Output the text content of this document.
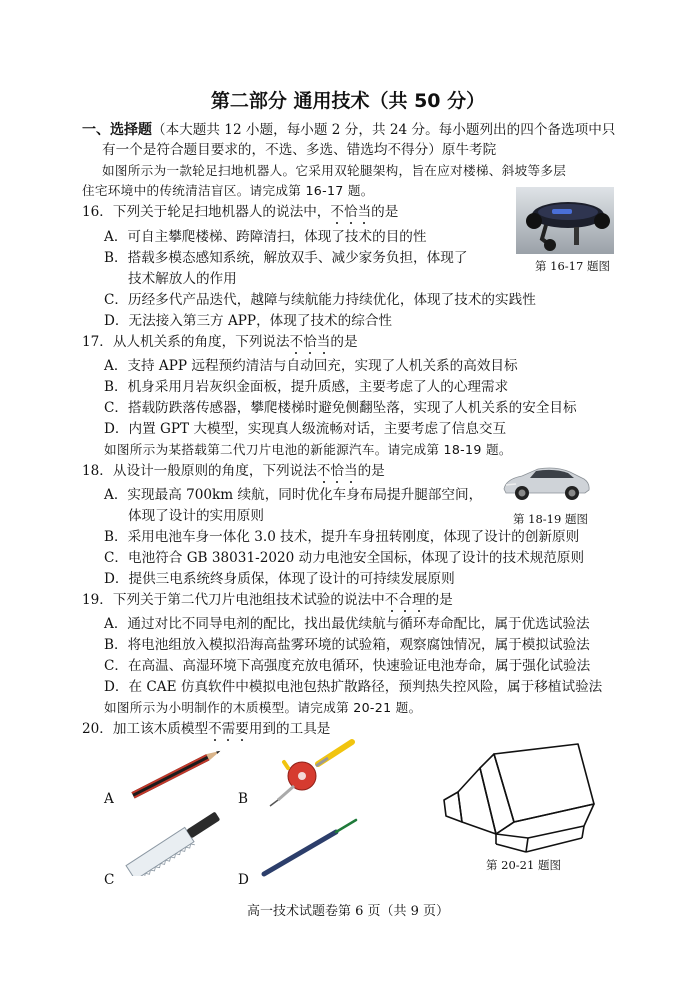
第二部分 通用技术（共 50 分）
一、选择题（本大题共 12 小题，每小题 2 分，共 24 分。每小题列出的四个备选项中只
有一个是符合题目要求的，不选、多选、错选均不得分）原牛考院
如图所示为一款轮足扫地机器人。它采用双轮腿架构，旨在应对楼梯、斜坡等多层
住宅环境中的传统清洁盲区。请完成第 16-17 题。
第 16-17 题图
16．下列关于轮足扫地机器人的说法中，不恰当的是
A．可自主攀爬楼梯、跨障清扫，体现了技术的目的性
B．搭载多模态感知系统，解放双手、减少家务负担，体现了
技术解放人的作用
C．历经多代产品迭代，越障与续航能力持续优化，体现了技术的实践性
D．无法接入第三方 APP，体现了技术的综合性
17．从人机关系的角度，下列说法不恰当的是
A．支持 APP 远程预约清洁与自动回充，实现了人机关系的高效目标
B．机身采用月岩灰织金面板，提升质感，主要考虑了人的心理需求
C．搭载防跌落传感器，攀爬楼梯时避免侧翻坠落，实现了人机关系的安全目标
D．内置 GPT 大模型，实现真人级流畅对话，主要考虑了信息交互
如图所示为某搭载第二代刀片电池的新能源汽车。请完成第 18-19 题。
第 18-19 题图
18．从设计一般原则的角度，下列说法不恰当的是
A．实现最高 700km 续航，同时优化车身布局提升腿部空间，
体现了设计的实用原则
B．采用电池车身一体化 3.0 技术，提升车身扭转刚度，体现了设计的创新原则
C．电池符合 GB 38031-2020 动力电池安全国标，体现了设计的技术规范原则
D．提供三电系统终身质保，体现了设计的可持续发展原则
19．下列关于第二代刀片电池组技术试验的说法中不合理的是
A．通过对比不同导电剂的配比，找出最优续航与循环寿命配比，属于优选试验法
B．将电池组放入模拟沿海高盐雾环境的试验箱，观察腐蚀情况，属于模拟试验法
C．在高温、高湿环境下高强度充放电循环，快速验证电池寿命，属于强化试验法
D．在 CAE 仿真软件中模拟电池包热扩散路径，预判热失控风险，属于移植试验法
如图所示为小明制作的木质模型。请完成第 20-21 题。
20．加工该木质模型不需要用到的工具是
A	B
C	D
第 20-21 题图
高一技术试题卷第 6 页（共 9 页）
